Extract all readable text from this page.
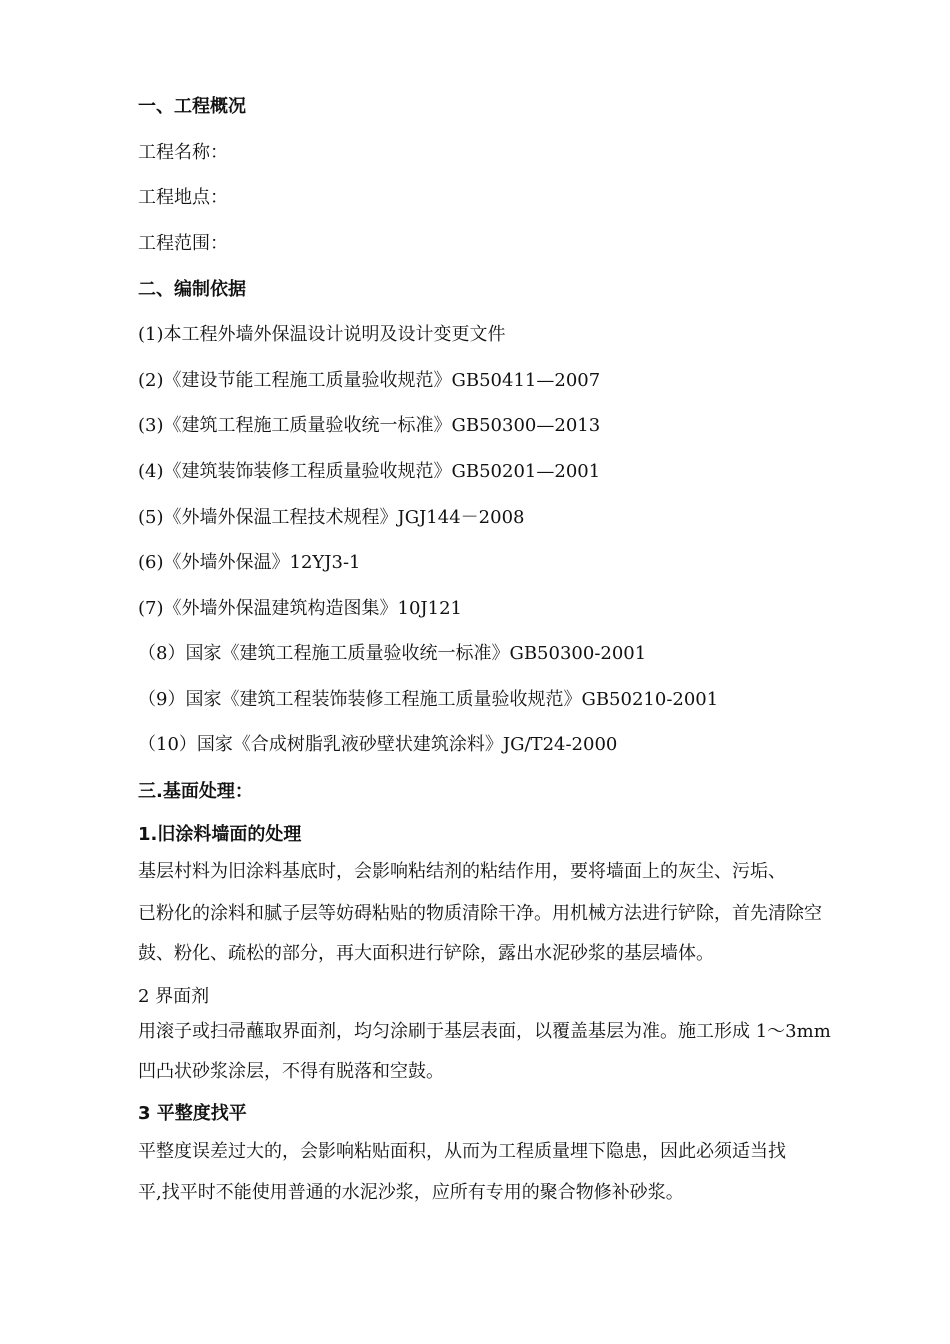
一、工程概况
工程名称：
工程地点：
工程范围：
二、编制依据
(1)本工程外墙外保温设计说明及设计变更文件
(2)《建设节能工程施工质量验收规范》GB50411—2007
(3)《建筑工程施工质量验收统一标准》GB50300—2013
(4)《建筑装饰装修工程质量验收规范》GB50201—2001
(5)《外墙外保温工程技术规程》JGJ144－2008
(6)《外墙外保温》12YJ3-1
(7)《外墙外保温建筑构造图集》10J121
（8）国家《建筑工程施工质量验收统一标准》GB50300-2001
（9）国家《建筑工程装饰装修工程施工质量验收规范》GB50210-2001
（10）国家《合成树脂乳液砂壁状建筑涂料》JG/T24-2000
三.基面处理：
1.旧涂料墙面的处理
基层村料为旧涂料基底时，会影响粘结剂的粘结作用，要将墙面上的灰尘、污垢、
已粉化的涂料和腻子层等妨碍粘贴的物质清除干净。用机械方法进行铲除，首先清除空
鼓、粉化、疏松的部分，再大面积进行铲除，露出水泥砂浆的基层墙体。
2 界面剂
用滚子或扫帚蘸取界面剂，均匀涂刷于基层表面，以覆盖基层为准。施工形成 1～3mm
凹凸状砂浆涂层，不得有脱落和空鼓。
3 平整度找平
平整度误差过大的，会影响粘贴面积，从而为工程质量埋下隐患，因此必须适当找
平,找平时不能使用普通的水泥沙浆，应所有专用的聚合物修补砂浆。
